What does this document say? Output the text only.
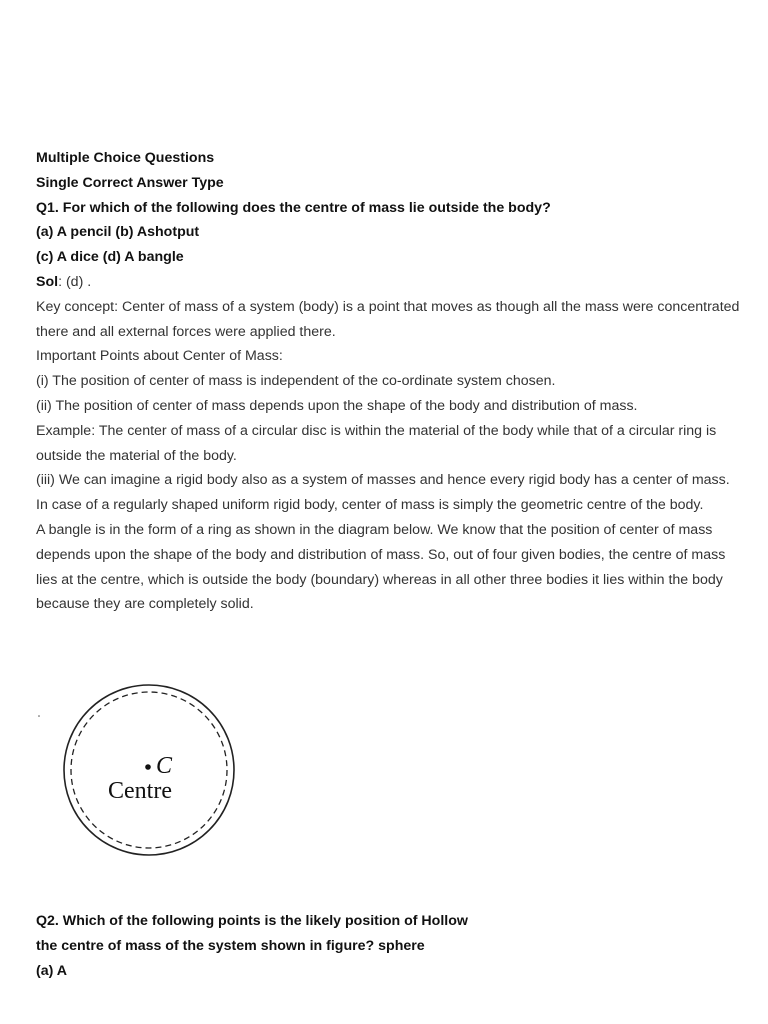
Multiple Choice Questions
Single Correct Answer Type
Q1. For which of the following does the centre of mass lie outside the body?
(a) A pencil (b) Ashotput
(c) A dice (d) A bangle
Sol: (d) .
Key concept: Center of mass of a system (body) is a point that moves as though all the mass were concentrated there and all external forces were applied there.
Important Points about Center of Mass:
(i) The position of center of mass is independent of the co-ordinate system chosen.
(ii) The position of center of mass depends upon the shape of the body and distribution of mass.
Example: The center of mass of a circular disc is within the material of the body while that of a circular ring is outside the material of the body.
(iii) We can imagine a rigid body also as a system of masses and hence every rigid body has a center of mass. In case of a regularly shaped uniform rigid body, center of mass is simply the geometric centre of the body.
A bangle is in the form of a ring as shown in the diagram below. We know that the position of center of mass depends upon the shape of the body and distribution of mass. So, out of four given bodies, the centre of mass lies at the centre, which is outside the body (boundary) whereas in all other three bodies it lies within the body because they are completely solid.
C
Centre
Q2. Which of the following points is the likely position of Hollow
the centre of mass of the system shown in figure? sphere
(a) A
